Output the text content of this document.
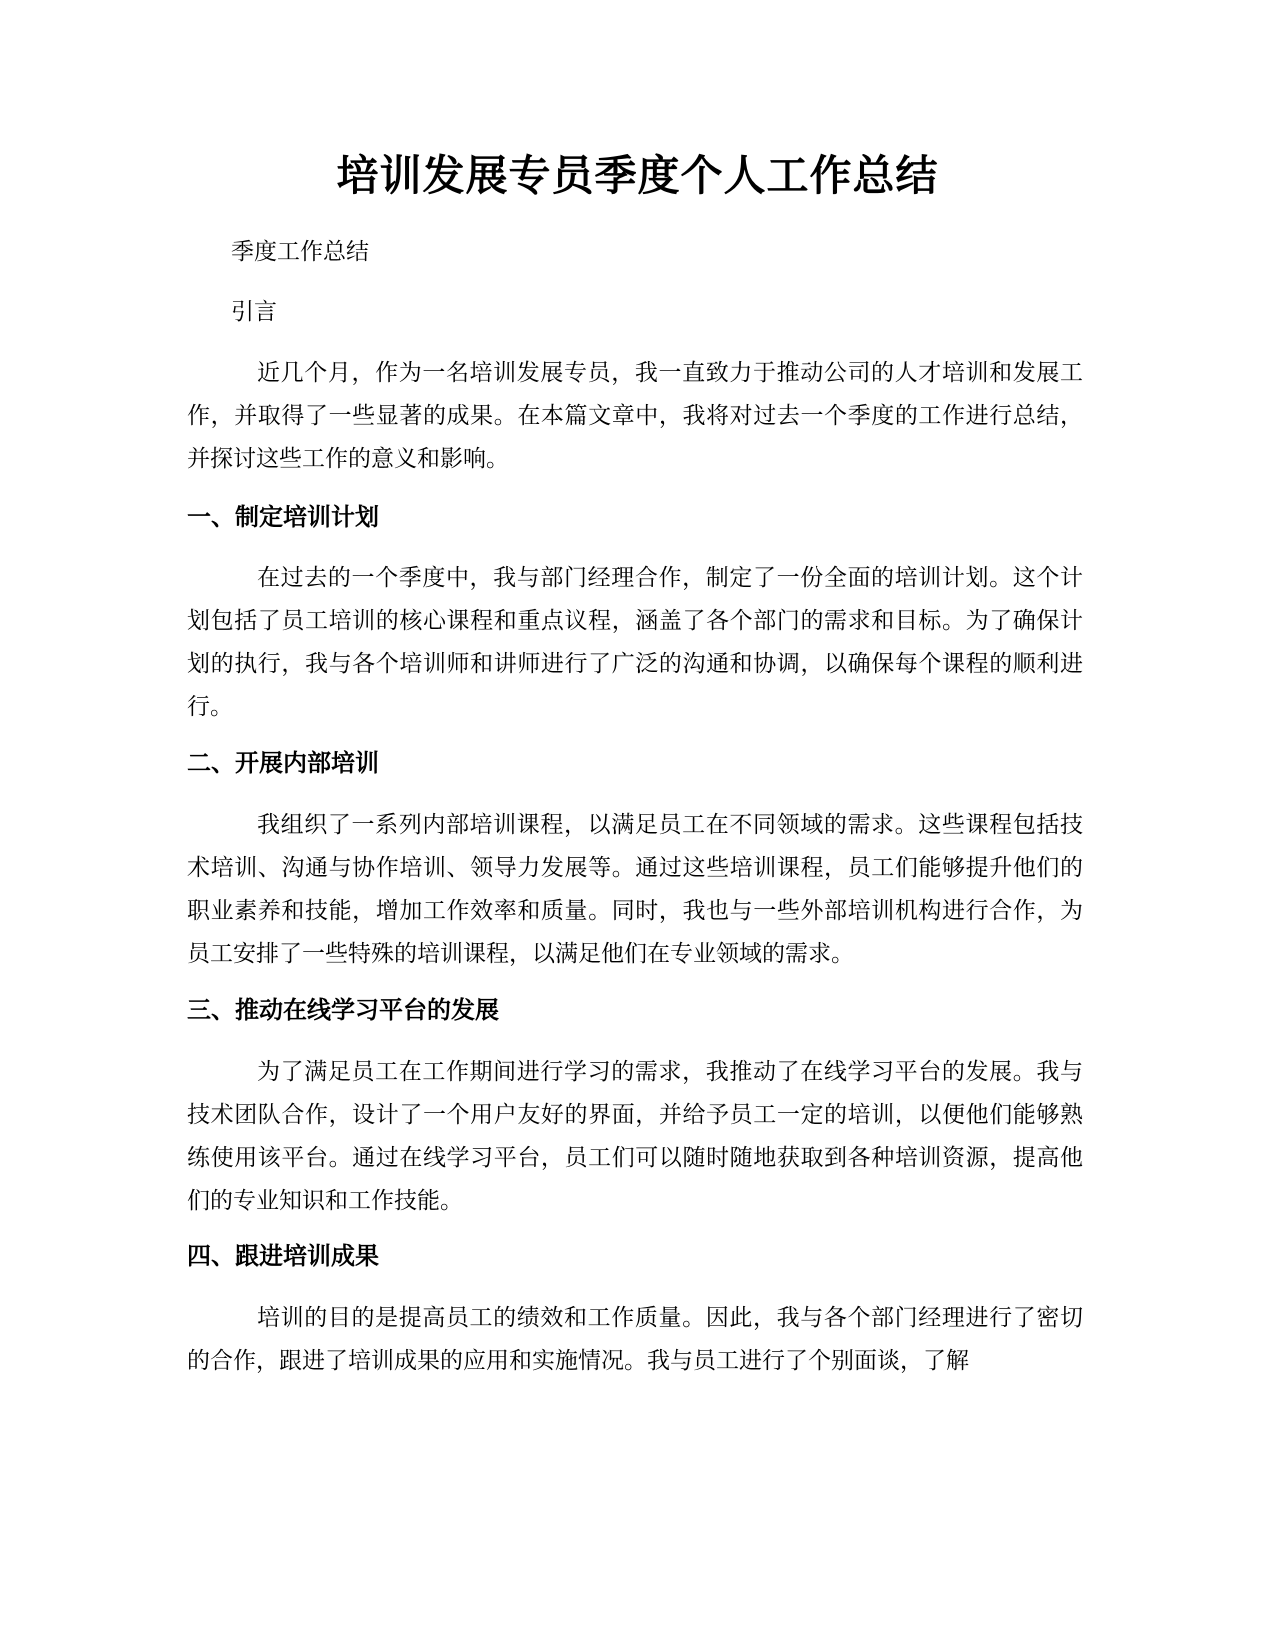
培训发展专员季度个人工作总结

季度工作总结

引言

近几个月，作为一名培训发展专员，我一直致力于推动公司的人才培训和发展工作，并取得了一些显著的成果。在本篇文章中，我将对过去一个季度的工作进行总结，并探讨这些工作的意义和影响。

一、制定培训计划

在过去的一个季度中，我与部门经理合作，制定了一份全面的培训计划。这个计划包括了员工培训的核心课程和重点议程，涵盖了各个部门的需求和目标。为了确保计划的执行，我与各个培训师和讲师进行了广泛的沟通和协调，以确保每个课程的顺利进行。

二、开展内部培训

我组织了一系列内部培训课程，以满足员工在不同领域的需求。这些课程包括技术培训、沟通与协作培训、领导力发展等。通过这些培训课程，员工们能够提升他们的职业素养和技能，增加工作效率和质量。同时，我也与一些外部培训机构进行合作，为员工安排了一些特殊的培训课程，以满足他们在专业领域的需求。

三、推动在线学习平台的发展

为了满足员工在工作期间进行学习的需求，我推动了在线学习平台的发展。我与技术团队合作，设计了一个用户友好的界面，并给予员工一定的培训，以便他们能够熟练使用该平台。通过在线学习平台，员工们可以随时随地获取到各种培训资源，提高他们的专业知识和工作技能。

四、跟进培训成果

培训的目的是提高员工的绩效和工作质量。因此，我与各个部门经理进行了密切的合作，跟进了培训成果的应用和实施情况。我与员工进行了个别面谈，了解
